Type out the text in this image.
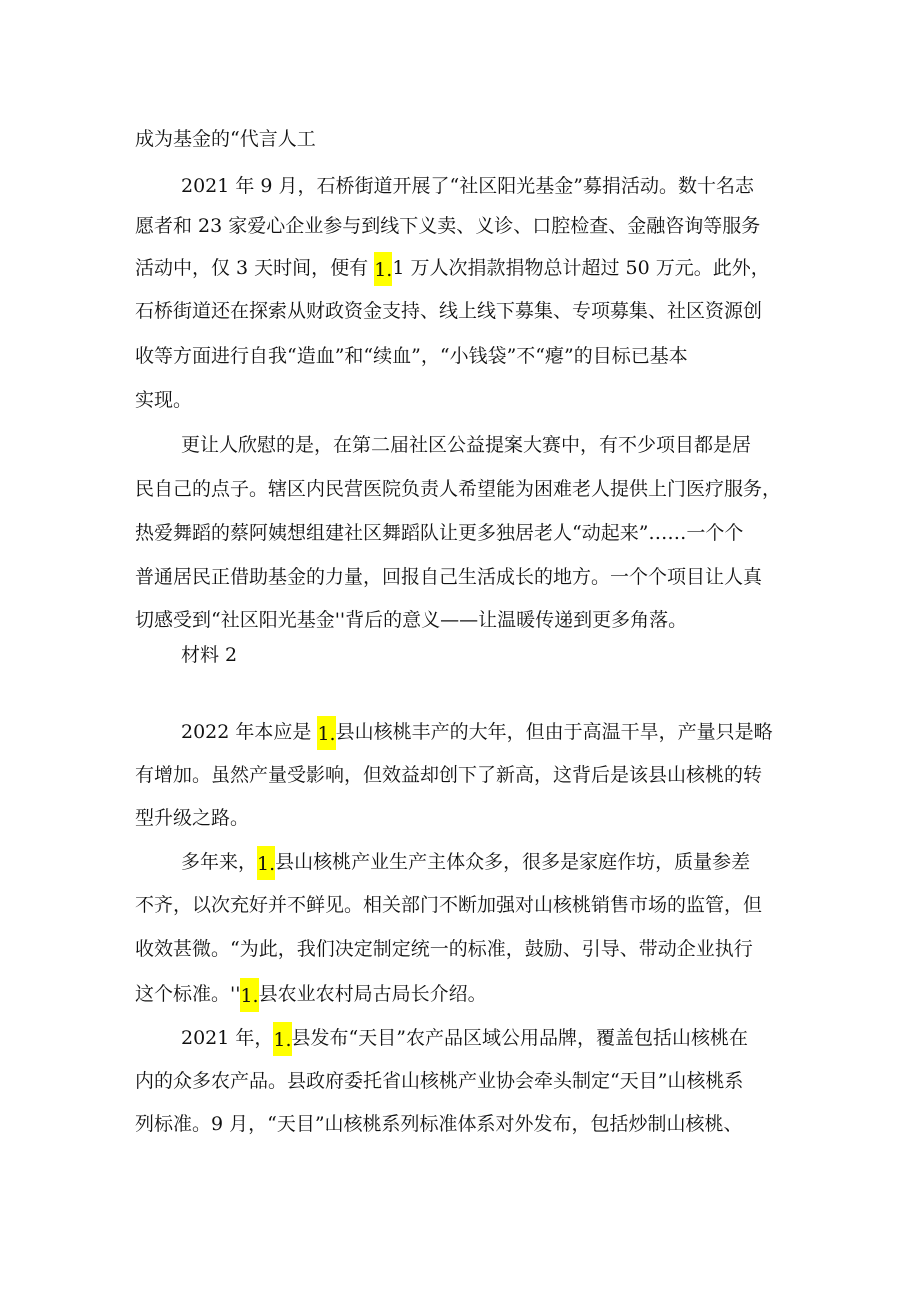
成为基金的“代言人工
2021 年 9 月，石桥街道开展了“社区阳光基金”募捐活动。数十名志
愿者和 23 家爱心企业参与到线下义卖、义诊、口腔检查、金融咨询等服务
活动中，仅 3 天时间，便有 1.1 万人次捐款捐物总计超过 50 万元。此外，
石桥街道还在探索从财政资金支持、线上线下募集、专项募集、社区资源创
收等方面进行自我“造血”和“续血”，“小钱袋”不“瘪”的目标已基本
实现。
更让人欣慰的是，在第二届社区公益提案大赛中，有不少项目都是居
民自己的点子。辖区内民营医院负责人希望能为困难老人提供上门医疗服务，
热爱舞蹈的蔡阿姨想组建社区舞蹈队让更多独居老人“动起来”……一个个
普通居民正借助基金的力量，回报自己生活成长的地方。一个个项目让人真
切感受到“社区阳光基金''背后的意义——让温暖传递到更多角落。
材料 2
2022 年本应是 1.县山核桃丰产的大年，但由于高温干旱，产量只是略
有增加。虽然产量受影响，但效益却创下了新高，这背后是该县山核桃的转
型升级之路。
多年来，1.县山核桃产业生产主体众多，很多是家庭作坊，质量参差
不齐，以次充好并不鲜见。相关部门不断加强对山核桃销售市场的监管，但
收效甚微。“为此，我们决定制定统一的标准，鼓励、引导、带动企业执行
这个标准。''1.县农业农村局古局长介绍。
2021 年，1.县发布“天目”农产品区域公用品牌，覆盖包括山核桃在
内的众多农产品。县政府委托省山核桃产业协会牵头制定“天目”山核桃系
列标准。9 月，“天目”山核桃系列标准体系对外发布，包括炒制山核桃、
